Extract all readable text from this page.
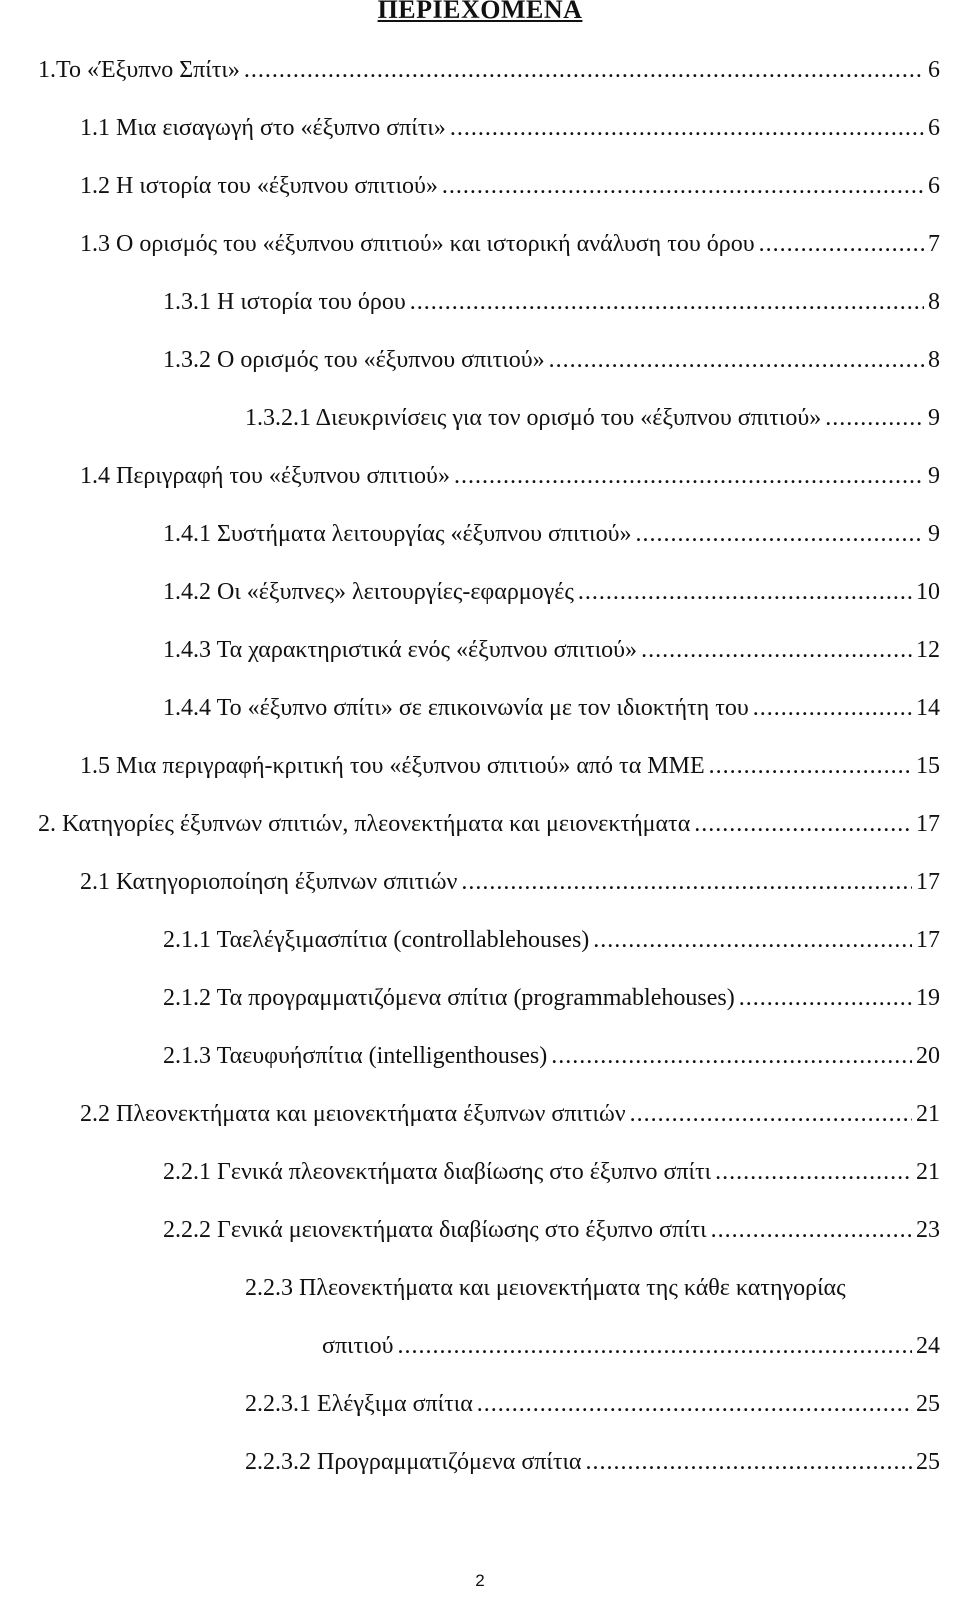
ΠΕΡΙΕΧΟΜΕΝΑ
1.Το «Έξυπνο Σπίτι» .....	6
1.1 Μια εισαγωγή στο «έξυπνο σπίτι» .....	6
1.2 Η ιστορία του «έξυπνου σπιτιού» .....	6
1.3 Ο ορισμός του «έξυπνου σπιτιού» και ιστορική ανάλυση του όρου .....	7
1.3.1 Η ιστορία του όρου .....	8
1.3.2 Ο ορισμός του «έξυπνου σπιτιού» .....	8
1.3.2.1 Διευκρινίσεις για τον ορισμό του «έξυπνου σπιτιού» .....	9
1.4 Περιγραφή του «έξυπνου σπιτιού» .....	9
1.4.1 Συστήματα λειτουργίας «έξυπνου σπιτιού» .....	9
1.4.2 Οι «έξυπνες» λειτουργίες-εφαρμογές .....	10
1.4.3 Τα χαρακτηριστικά ενός «έξυπνου σπιτιού» .....	12
1.4.4 Το «έξυπνο σπίτι» σε επικοινωνία με τον ιδιοκτήτη του .....	14
1.5 Μια περιγραφή-κριτική του «έξυπνου σπιτιού» από τα ΜΜΕ .....	15
2. Κατηγορίες έξυπνων σπιτιών, πλεονεκτήματα και μειονεκτήματα .....	17
2.1 Κατηγοριοποίηση έξυπνων σπιτιών .....	17
2.1.1 Ταελέγξιμασπίτια (controllablehouses) .....	17
2.1.2 Τα προγραμματιζόμενα σπίτια (programmablehouses) .....	19
2.1.3 Ταευφυήσπίτια (intelligenthouses) .....	20
2.2 Πλεονεκτήματα και μειονεκτήματα έξυπνων σπιτιών .....	21
2.2.1 Γενικά πλεονεκτήματα διαβίωσης στο έξυπνο σπίτι .....	21
2.2.2 Γενικά μειονεκτήματα διαβίωσης στο έξυπνο σπίτι .....	23
2.2.3 Πλεονεκτήματα και μειονεκτήματα της κάθε κατηγορίας
σπιτιού .....	24
2.2.3.1 Ελέγξιμα σπίτια .....	25
2.2.3.2 Προγραμματιζόμενα σπίτια .....	25
2
